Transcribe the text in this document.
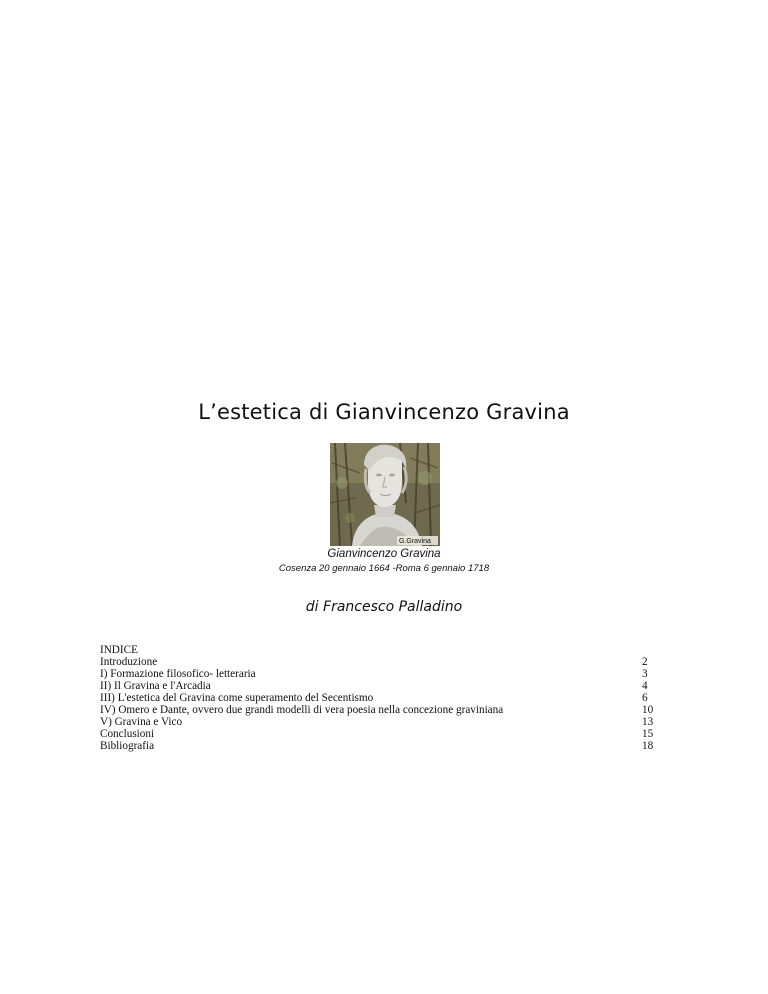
L’estetica di Gianvincenzo Gravina
G.Gravina
Gianvincenzo Gravina
Cosenza 20 gennaio 1664 -Roma 6 gennaio 1718
di Francesco Palladino
INDICE
Introduzione	2
I) Formazione filosofico- letteraria	3
II) Il Gravina e l'Arcadia	4
III) L'estetica del Gravina come superamento del Secentismo	6
IV) Omero e Dante, ovvero due grandi modelli di vera poesia nella concezione graviniana	10
V) Gravina e Vico	13
Conclusioni	15
Bibliografia	18
